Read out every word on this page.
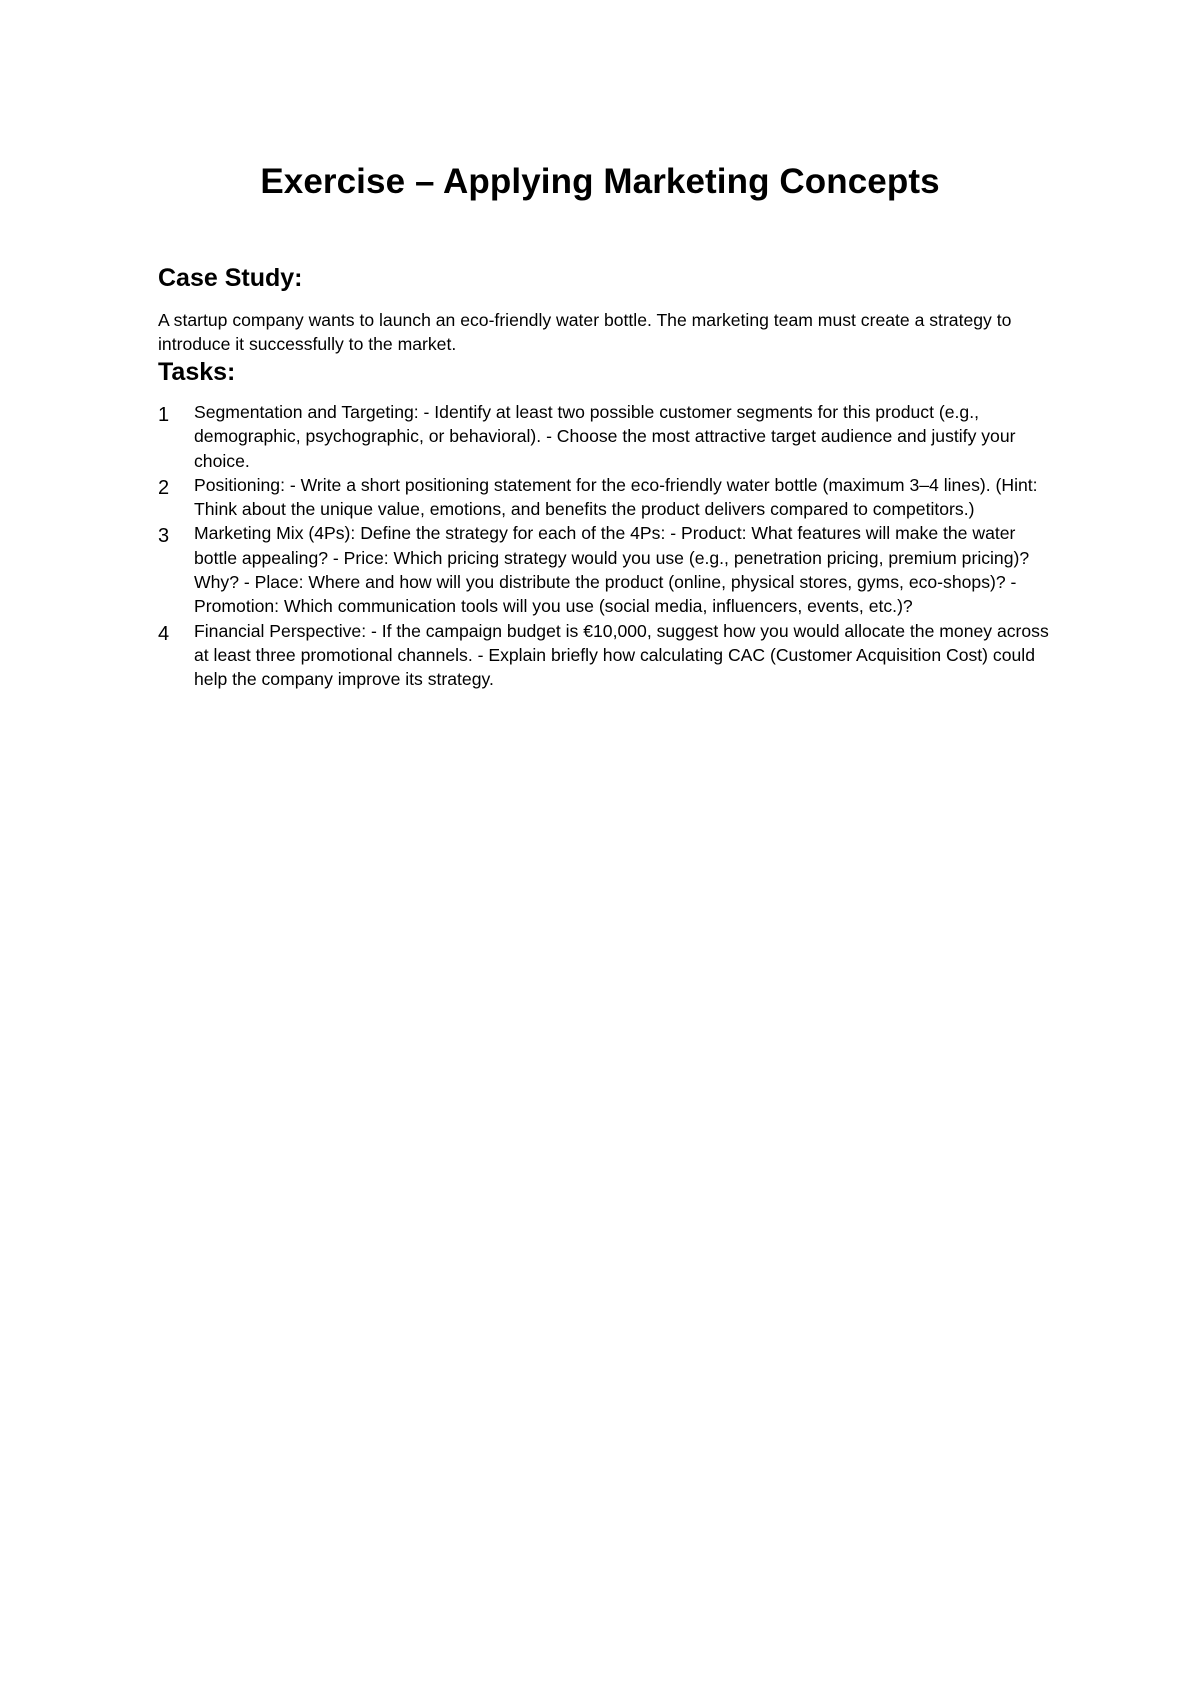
Exercise – Applying Marketing Concepts
Case Study:

A startup company wants to launch an eco-friendly water bottle. The marketing team must create a strategy to introduce it successfully to the market.

Tasks:
1	Segmentation and Targeting: - Identify at least two possible customer segments for this product (e.g., demographic, psychographic, or behavioral). - Choose the most attractive target audience and justify your choice.
2	Positioning: - Write a short positioning statement for the eco-friendly water bottle (maximum 3–4 lines). (Hint: Think about the unique value, emotions, and benefits the product delivers compared to competitors.)
3	Marketing Mix (4Ps): Define the strategy for each of the 4Ps: - Product: What features will make the water bottle appealing? - Price: Which pricing strategy would you use (e.g., penetration pricing, premium pricing)? Why? - Place: Where and how will you distribute the product (online, physical stores, gyms, eco-shops)? - Promotion: Which communication tools will you use (social media, influencers, events, etc.)?
4	Financial Perspective: - If the campaign budget is €10,000, suggest how you would allocate the money across at least three promotional channels. - Explain briefly how calculating CAC (Customer Acquisition Cost) could help the company improve its strategy.
